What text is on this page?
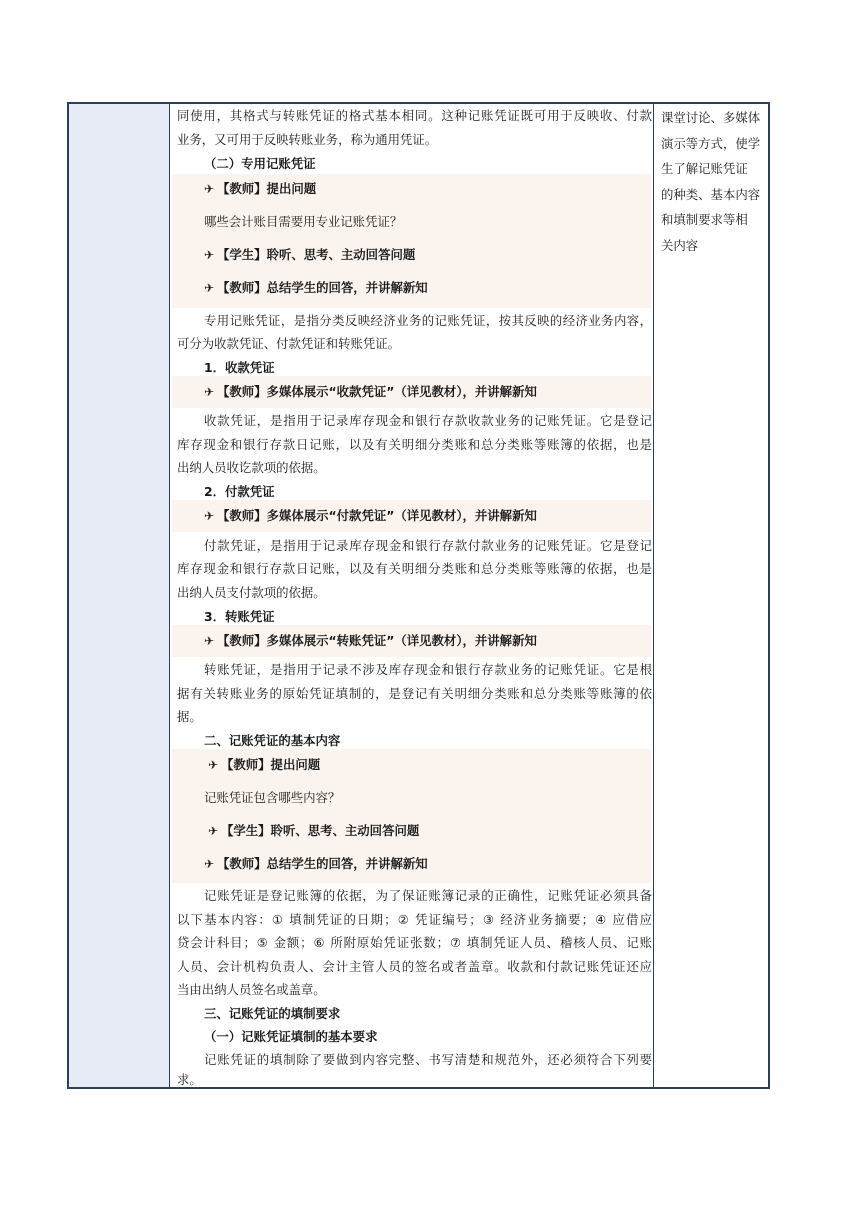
同使用，其格式与转账凭证的格式基本相同。这种记账凭证既可用于反映收、付款
业务，又可用于反映转账业务，称为通用凭证。
（二）专用记账凭证
✈ 【教师】提出问题
哪些会计账目需要用专业记账凭证？
✈ 【学生】聆听、思考、主动回答问题
✈ 【教师】总结学生的回答，并讲解新知
专用记账凭证，是指分类反映经济业务的记账凭证，按其反映的经济业务内容，
可分为收款凭证、付款凭证和转账凭证。
1．收款凭证
✈ 【教师】多媒体展示“收款凭证”（详见教材），并讲解新知
收款凭证，是指用于记录库存现金和银行存款收款业务的记账凭证。它是登记
库存现金和银行存款日记账，以及有关明细分类账和总分类账等账簿的依据，也是
出纳人员收讫款项的依据。
2．付款凭证
✈ 【教师】多媒体展示“付款凭证”（详见教材），并讲解新知
付款凭证，是指用于记录库存现金和银行存款付款业务的记账凭证。它是登记
库存现金和银行存款日记账，以及有关明细分类账和总分类账等账簿的依据，也是
出纳人员支付款项的依据。
3．转账凭证
✈ 【教师】多媒体展示“转账凭证”（详见教材），并讲解新知
转账凭证，是指用于记录不涉及库存现金和银行存款业务的记账凭证。它是根
据有关转账业务的原始凭证填制的，是登记有关明细分类账和总分类账等账簿的依
据。
二、记账凭证的基本内容
✈ 【教师】提出问题
记账凭证包含哪些内容？
✈ 【学生】聆听、思考、主动回答问题
✈ 【教师】总结学生的回答，并讲解新知
记账凭证是登记账簿的依据，为了保证账簿记录的正确性，记账凭证必须具备
以下基本内容：① 填制凭证的日期；② 凭证编号；③ 经济业务摘要；④ 应借应
贷会计科目；⑤ 金额；⑥ 所附原始凭证张数；⑦ 填制凭证人员、稽核人员、记账
人员、会计机构负责人、会计主管人员的签名或者盖章。收款和付款记账凭证还应
当由出纳人员签名或盖章。
三、记账凭证的填制要求
（一）记账凭证填制的基本要求
记账凭证的填制除了要做到内容完整、书写清楚和规范外，还必须符合下列要
求。

课堂讨论、多媒体

演示等方式，使学

生了解记账凭证

的种类、基本内容

和填制要求等相

关内容
